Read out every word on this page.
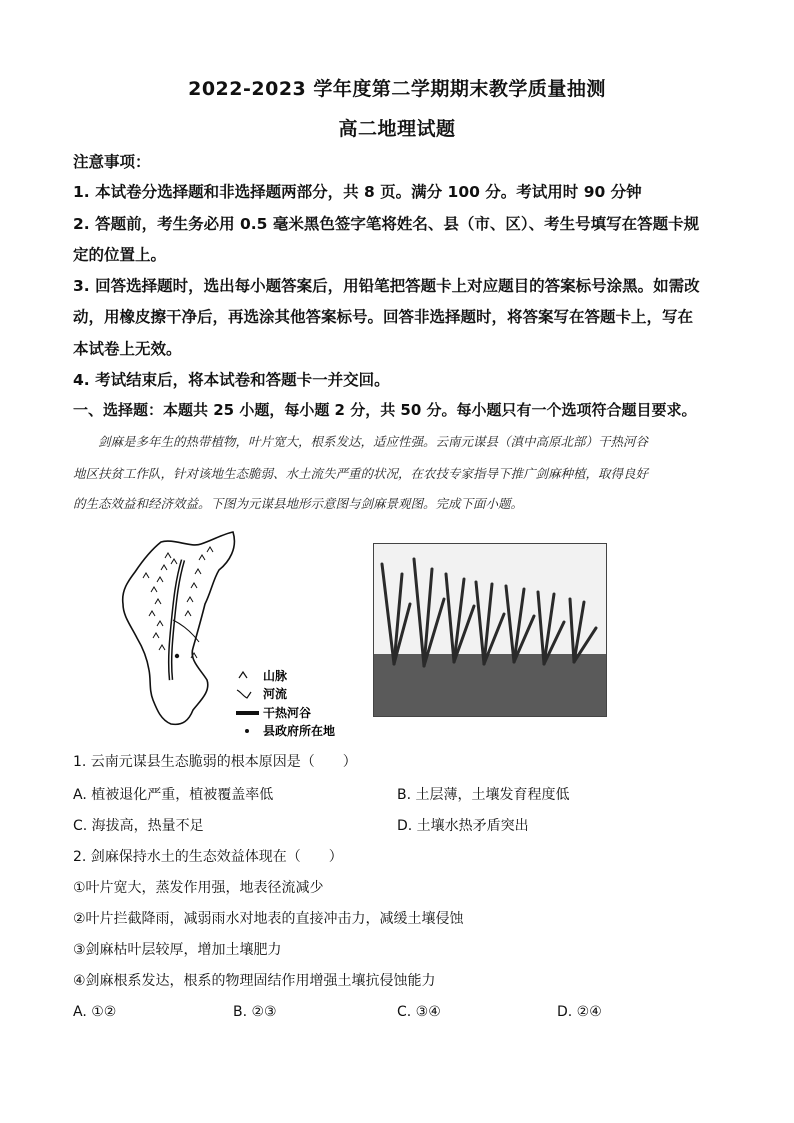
2022-2023 学年度第二学期期末教学质量抽测
高二地理试题
注意事项：
1. 本试卷分选择题和非选择题两部分，共 8 页。满分 100 分。考试用时 90 分钟
2. 答题前，考生务必用 0.5 毫米黑色签字笔将姓名、县（市、区）、考生号填写在答题卡规
定的位置上。
3. 回答选择题时，选出每小题答案后，用铅笔把答题卡上对应题目的答案标号涂黑。如需改
动，用橡皮擦干净后，再选涂其他答案标号。回答非选择题时，将答案写在答题卡上，写在
本试卷上无效。
4. 考试结束后，将本试卷和答题卡一并交回。
一、选择题：本题共 25 小题，每小题 2 分，共 50 分。每小题只有一个选项符合题目要求。
剑麻是多年生的热带植物，叶片宽大，根系发达，适应性强。云南元谋县（滇中高原北部）干热河谷
地区扶贫工作队，针对该地生态脆弱、水土流失严重的状况，在农技专家指导下推广剑麻种植，取得良好
的生态效益和经济效益。下图为元谋县地形示意图与剑麻景观图。完成下面小题。
山脉
河流
干热河谷
县政府所在地
1. 云南元谋县生态脆弱的根本原因是（　　）
A. 植被退化严重，植被覆盖率低	B. 土层薄，土壤发育程度低
C. 海拔高，热量不足	D. 土壤水热矛盾突出
2. 剑麻保持水土的生态效益体现在（　　）
①叶片宽大，蒸发作用强，地表径流减少
②叶片拦截降雨，减弱雨水对地表的直接冲击力，减缓土壤侵蚀
③剑麻枯叶层较厚，增加土壤肥力
④剑麻根系发达，根系的物理固结作用增强土壤抗侵蚀能力
A. ①②	B. ②③	C. ③④	D. ②④
